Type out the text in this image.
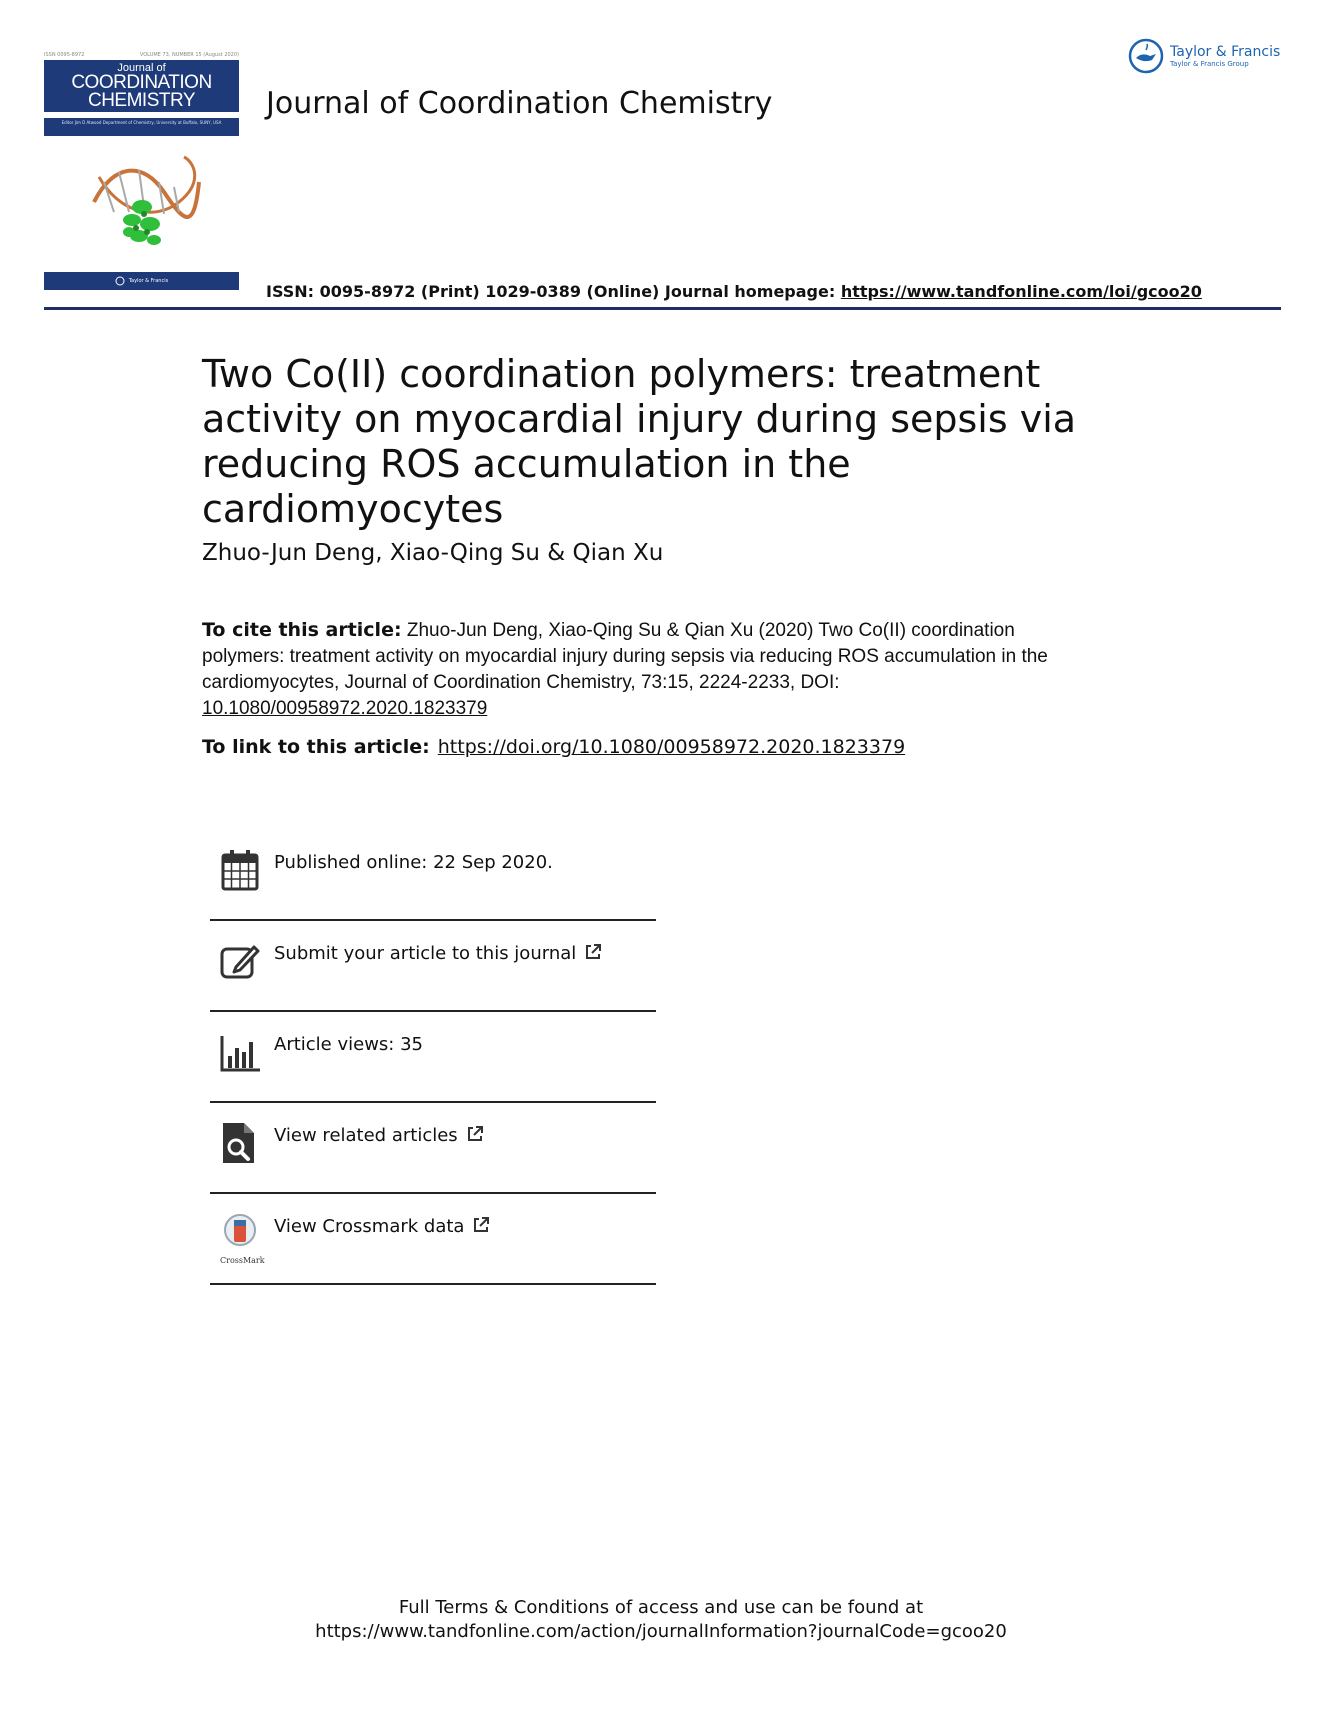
ISSN 0095-8972	VOLUME 73, NUMBER 15 (August 2020)
Journal of
COORDINATION
CHEMISTRY
Editor Jim D Atwood Department of Chemistry, University at Buffalo, SUNY, USA
Taylor & Francis
Journal of Coordination Chemistry
Taylor & Francis
Taylor & Francis Group
ISSN: 0095-8972 (Print) 1029-0389 (Online) Journal homepage: https://www.tandfonline.com/loi/gcoo20
Two Co(II) coordination polymers: treatment activity on myocardial injury during sepsis via reducing ROS accumulation in the cardiomyocytes
Zhuo-Jun Deng, Xiao-Qing Su & Qian Xu
To cite this article: Zhuo-Jun Deng, Xiao-Qing Su & Qian Xu (2020) Two Co(II) coordination polymers: treatment activity on myocardial injury during sepsis via reducing ROS accumulation in the cardiomyocytes, Journal of Coordination Chemistry, 73:15, 2224-2233, DOI: 10.1080/00958972.2020.1823379
To link to this article: https://doi.org/10.1080/00958972.2020.1823379
Published online: 22 Sep 2020.
Submit your article to this journal
Article views: 35
View related articles
View Crossmark data
CrossMark
Full Terms & Conditions of access and use can be found at
https://www.tandfonline.com/action/journalInformation?journalCode=gcoo20
